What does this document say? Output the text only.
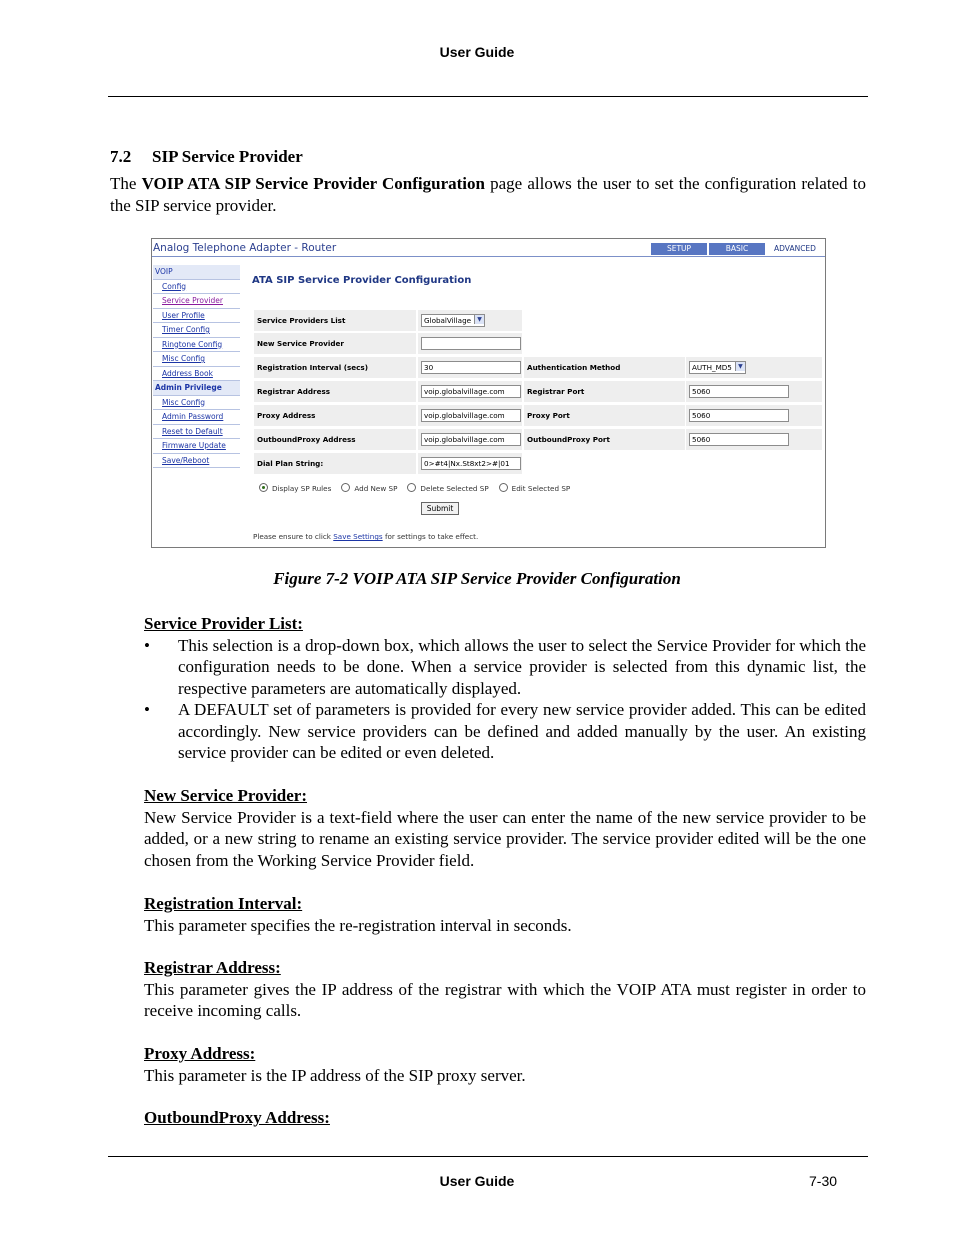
User Guide
7.2 SIP Service Provider
The VOIP ATA SIP Service Provider Configuration page allows the user to set the configuration related to the SIP service provider.
Analog Telephone Adapter - Router	SETUP	BASIC	ADVANCED
VOIP
Config
Service Provider
User Profile
Timer Config
Ringtone Config
Misc Config
Address Book
Admin Privilege
Misc Config
Admin Password
Reset to Default
Firmware Update
Save/Reboot
ATA SIP Service Provider Configuration
Service Providers List	GlobalVillage ▼
New Service Provider
Registration Interval (secs)	30	Authentication Method	AUTH_MD5 ▼
Registrar Address	voip.globalvillage.com	Registrar Port	5060
Proxy Address	voip.globalvillage.com	Proxy Port	5060
OutboundProxy Address	voip.globalvillage.com	OutboundProxy Port	5060
Dial Plan String:	0>#t4|Nx.St8xt2>#|01
Display SP Rules	Add New SP	Delete Selected SP	Edit Selected SP
Submit
Please ensure to click Save Settings for settings to take effect.
Figure 7-2 VOIP ATA SIP Service Provider Configuration
Service Provider List:
• This selection is a drop-down box, which allows the user to select the Service Provider for which the configuration needs to be done. When a service provider is selected from this dynamic list, the respective parameters are automatically displayed.
• A DEFAULT set of parameters is provided for every new service provider added. This can be edited accordingly. New service providers can be defined and added manually by the user. An existing service provider can be edited or even deleted.
New Service Provider:

New Service Provider is a text-field where the user can enter the name of the new service provider to be added, or a new string to rename an existing service provider. The service provider edited will be the one chosen from the Working Service Provider field.

Registration Interval:

This parameter specifies the re-registration interval in seconds.

Registrar Address:

This parameter gives the IP address of the registrar with which the VOIP ATA must register in order to receive incoming calls.

Proxy Address:

This parameter is the IP address of the SIP proxy server.

OutboundProxy Address:
User Guide	7-30
